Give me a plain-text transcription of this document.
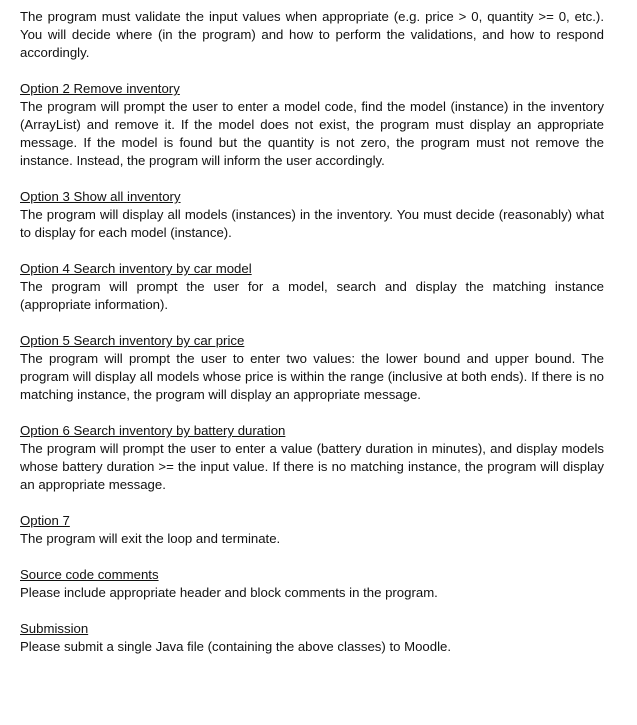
The program must validate the input values when appropriate (e.g. price > 0, quantity >= 0, etc.). You will decide where (in the program) and how to perform the validations, and how to respond accordingly.

Option 2 Remove inventory

The program will prompt the user to enter a model code, find the model (instance) in the inventory (ArrayList) and remove it. If the model does not exist, the program must display an appropriate message. If the model is found but the quantity is not zero, the program must not remove the instance. Instead, the program will inform the user accordingly.

Option 3 Show all inventory

The program will display all models (instances) in the inventory. You must decide (reasonably) what to display for each model (instance).

Option 4 Search inventory by car model

The program will prompt the user for a model, search and display the matching instance (appropriate information).

Option 5 Search inventory by car price

The program will prompt the user to enter two values: the lower bound and upper bound. The program will display all models whose price is within the range (inclusive at both ends). If there is no matching instance, the program will display an appropriate message.

Option 6 Search inventory by battery duration

The program will prompt the user to enter a value (battery duration in minutes), and display models whose battery duration >= the input value. If there is no matching instance, the program will display an appropriate message.

Option 7

The program will exit the loop and terminate.

Source code comments

Please include appropriate header and block comments in the program.

Submission

Please submit a single Java file (containing the above classes) to Moodle.
